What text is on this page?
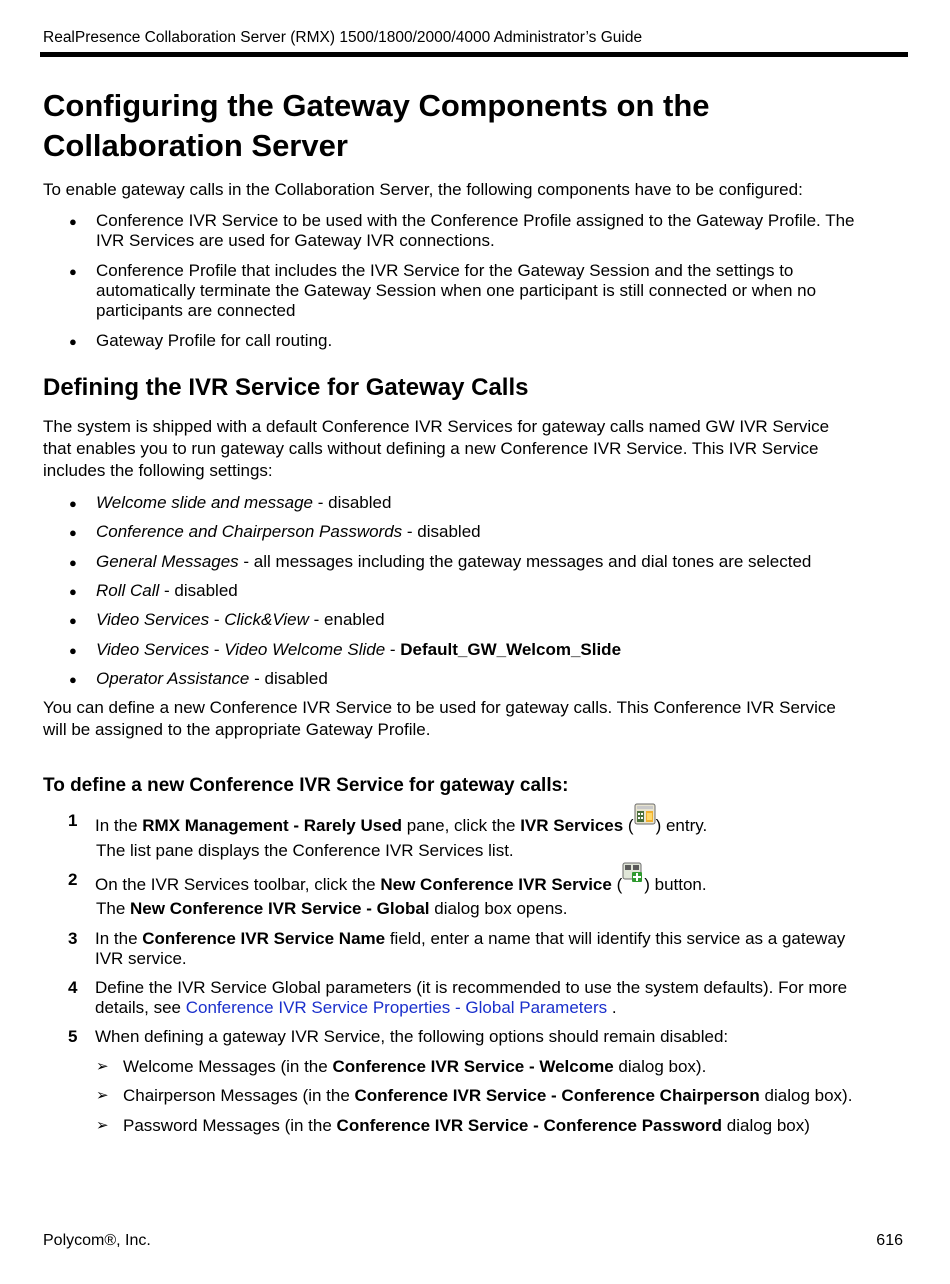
RealPresence Collaboration Server (RMX) 1500/1800/2000/4000 Administrator’s Guide
Configuring the Gateway Components on the
Collaboration Server

To enable gateway calls in the Collaboration Server, the following components have to be configured:

● Conference IVR Service to be used with the Conference Profile assigned to the Gateway Profile. The
IVR Services are used for Gateway IVR connections.
● Conference Profile that includes the IVR Service for the Gateway Session and the settings to
automatically terminate the Gateway Session when one participant is still connected or when no
participants are connected
● Gateway Profile for call routing.
Defining the IVR Service for Gateway Calls

The system is shipped with a default Conference IVR Services for gateway calls named GW IVR Service
that enables you to run gateway calls without defining a new Conference IVR Service. This IVR Service
includes the following settings:

● Welcome slide and message - disabled
● Conference and Chairperson Passwords - disabled
● General Messages - all messages including the gateway messages and dial tones are selected
● Roll Call - disabled
● Video Services - Click&View - enabled
● Video Services - Video Welcome Slide - Default_GW_Welcom_Slide
● Operator Assistance - disabled

You can define a new Conference IVR Service to be used for gateway calls. This Conference IVR Service
will be assigned to the appropriate Gateway Profile.

To define a new Conference IVR Service for gateway calls:
1 In the RMX Management - Rarely Used pane, click the IVR Services ( ) entry.
The list pane displays the Conference IVR Services list.
2 On the IVR Services toolbar, click the New Conference IVR Service ( ) button.
The New Conference IVR Service - Global dialog box opens.
3 In the Conference IVR Service Name field, enter a name that will identify this service as a gateway
IVR service.
4 Define the IVR Service Global parameters (it is recommended to use the system defaults). For more
details, see Conference IVR Service Properties - Global Parameters .
5 When defining a gateway IVR Service, the following options should remain disabled:
➢ Welcome Messages (in the Conference IVR Service - Welcome dialog box).
➢ Chairperson Messages (in the Conference IVR Service - Conference Chairperson dialog box).
➢ Password Messages (in the Conference IVR Service - Conference Password dialog box)
Polycom®, Inc.	616
